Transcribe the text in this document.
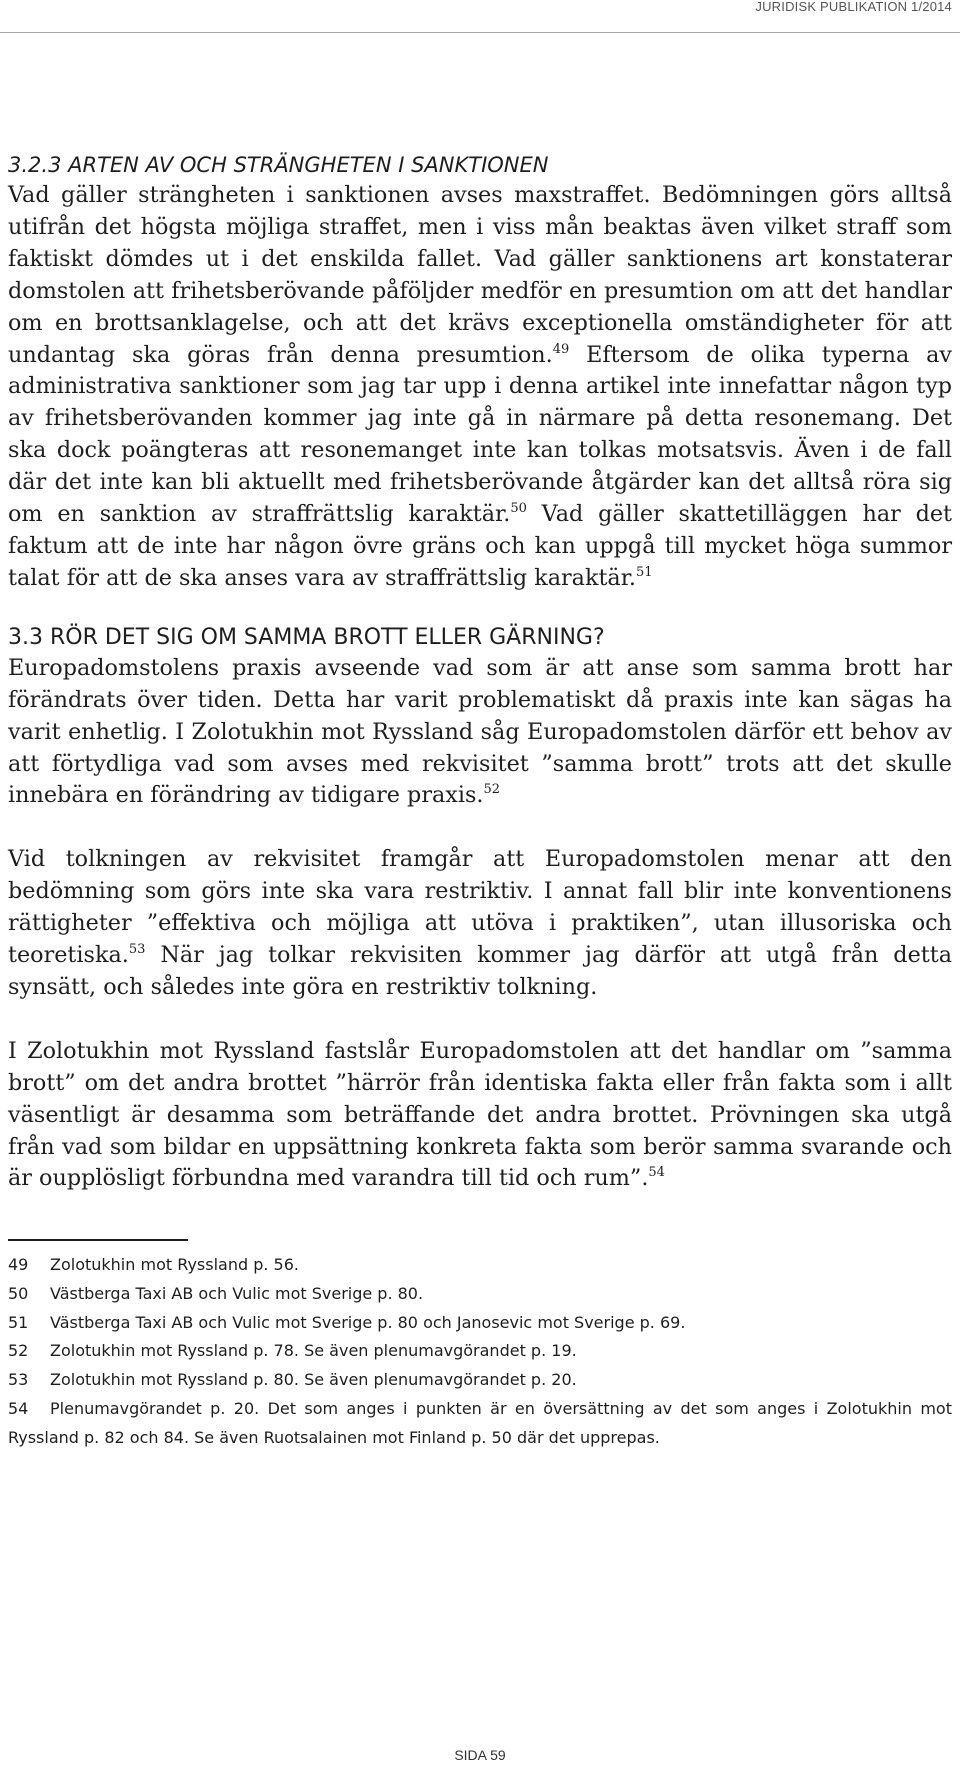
JURIDISK PUBLIKATION 1/2014
3.2.3 ARTEN AV OCH STRÄNGHETEN I SANKTIONEN

Vad gäller strängheten i sanktionen avses maxstraffet. Bedömningen görs alltså utifrån det högsta möjliga straffet, men i viss mån beaktas även vilket straff som faktiskt dömdes ut i det enskilda fallet. Vad gäller sanktionens art konstaterar domstolen att frihetsberövande påföljder medför en presumtion om att det handlar om en brottsanklagelse, och att det krävs exceptionella omständigheter för att undantag ska göras från denna presumtion.$^{49}$ Eftersom de olika typerna av administrativa sanktioner som jag tar upp i denna artikel inte innefattar någon typ av frihetsberövanden kommer jag inte gå in närmare på detta resonemang. Det ska dock poängteras att resonemanget inte kan tolkas motsatsvis. Även i de fall där det inte kan bli aktuellt med frihetsberövande åtgärder kan det alltså röra sig om en sanktion av straffrättslig karaktär.$^{50}$ Vad gäller skattetilläggen har det faktum att de inte har någon övre gräns och kan uppgå till mycket höga summor talat för att de ska anses vara av straffrättslig karaktär.$^{51}$

3.3 RÖR DET SIG OM SAMMA BROTT ELLER GÄRNING?

Europadomstolens praxis avseende vad som är att anse som samma brott har förändrats över tiden. Detta har varit problematiskt då praxis inte kan sägas ha varit enhetlig. I Zolotukhin mot Ryssland såg Europadomstolen därför ett behov av att förtydliga vad som avses med rekvisitet ”samma brott” trots att det skulle innebära en förändring av tidigare praxis.$^{52}$

Vid tolkningen av rekvisitet framgår att Europadomstolen menar att den bedömning som görs inte ska vara restriktiv. I annat fall blir inte konventionens rättigheter ”effektiva och möjliga att utöva i praktiken”, utan illusoriska och teoretiska.$^{53}$ När jag tolkar rekvisiten kommer jag därför att utgå från detta synsätt, och således inte göra en restriktiv tolkning.

I Zolotukhin mot Ryssland fastslår Europadomstolen att det handlar om ”samma brott” om det andra brottet ”härrör från identiska fakta eller från fakta som i allt väsentligt är desamma som beträffande det andra brottet. Prövningen ska utgå från vad som bildar en uppsättning konkreta fakta som berör samma svarande och är oupplösligt förbundna med varandra till tid och rum”.$^{54}$

49 Zolotukhin mot Ryssland p. 56.
50 Västberga Taxi AB och Vulic mot Sverige p. 80.
51 Västberga Taxi AB och Vulic mot Sverige p. 80 och Janosevic mot Sverige p. 69.
52 Zolotukhin mot Ryssland p. 78. Se även plenumavgörandet p. 19.
53 Zolotukhin mot Ryssland p. 80. Se även plenumavgörandet p. 20.
54 Plenumavgörandet p. 20. Det som anges i punkten är en översättning av det som anges i Zolotukhin mot Ryssland p. 82 och 84. Se även Ruotsalainen mot Finland p. 50 där det upprepas.
SIDA 59
